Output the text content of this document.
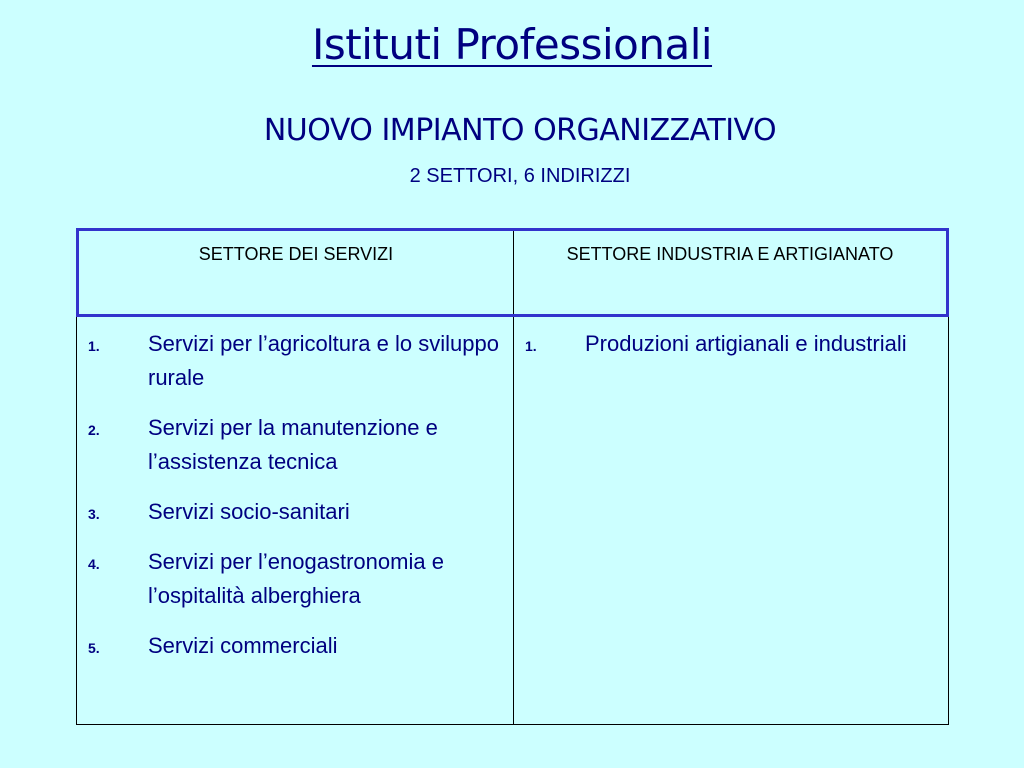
Istituti Professionali
NUOVO IMPIANTO ORGANIZZATIVO
2 SETTORI, 6 INDIRIZZI
SETTORE DEI SERVIZI	SETTORE INDUSTRIA E ARTIGIANATO
1. Servizi per l’agricoltura e lo sviluppo rurale
2. Servizi per la manutenzione e l’assistenza tecnica
3. Servizi socio-sanitari
4. Servizi per l’enogastronomia e l’ospitalità alberghiera
5. Servizi commerciali
1. Produzioni artigianali e industriali
